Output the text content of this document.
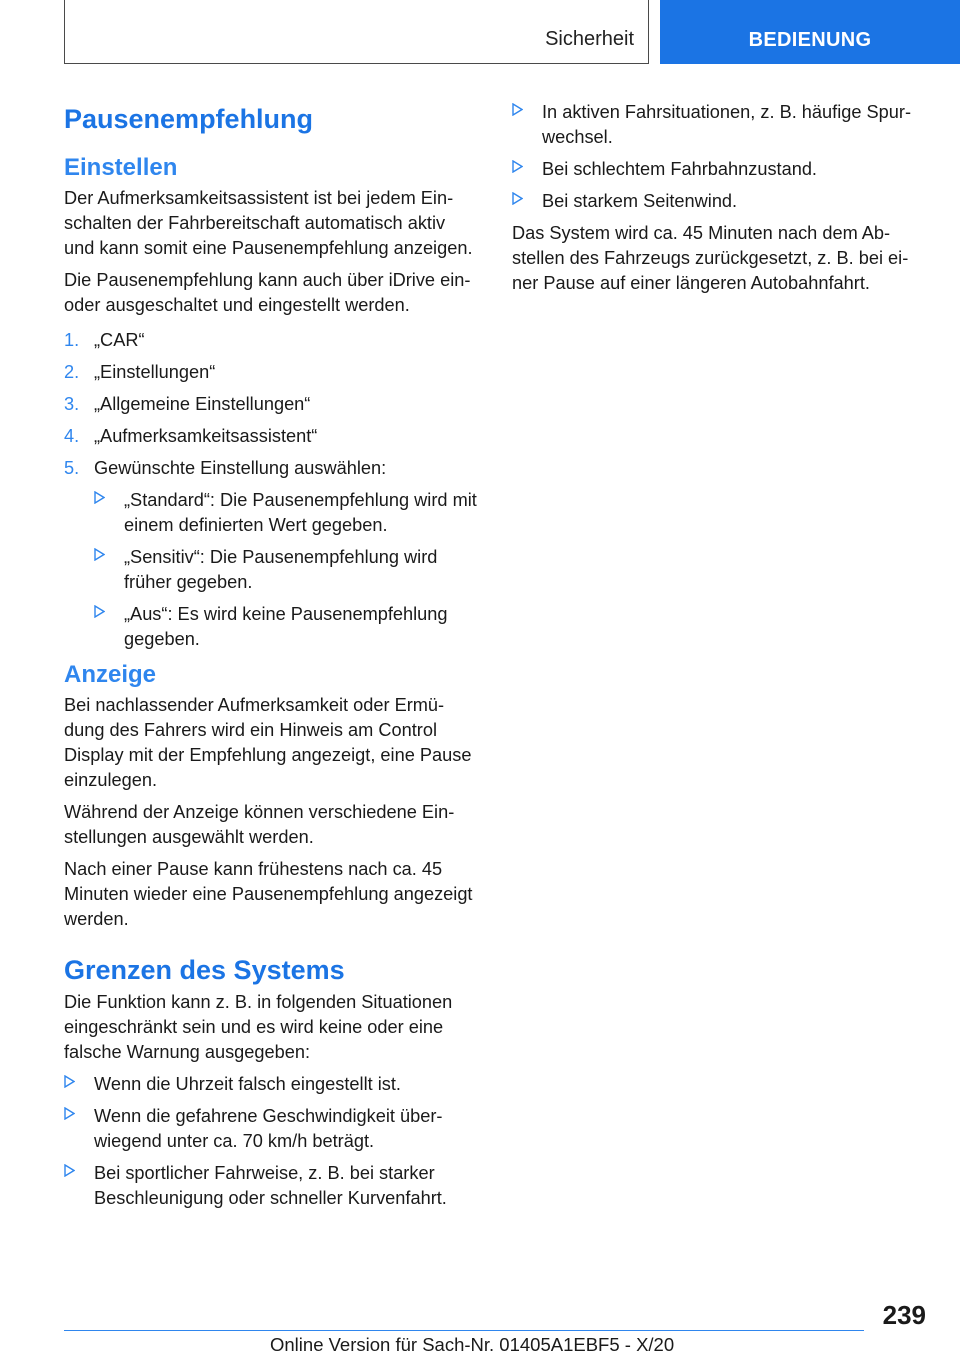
Sicherheit	BEDIENUNG
Pausenempfehlung
Einstellen

Der Aufmerksamkeitsassistent ist bei jedem Einschalten der Fahrbereitschaft automatisch aktiv und kann somit eine Pausenempfehlung anzeigen.

Die Pausenempfehlung kann auch über iDrive ein- oder ausgeschaltet und eingestellt werden.

1. „CAR“
2. „Einstellungen“
3. „Allgemeine Einstellungen“
4. „Aufmerksamkeitsassistent“
5. Gewünschte Einstellung auswählen:
„Standard“: Die Pausenempfehlung wird mit einem definierten Wert gegeben.
„Sensitiv“: Die Pausenempfehlung wird früher gegeben.
„Aus“: Es wird keine Pausenempfehlung gegeben.
Anzeige

Bei nachlassender Aufmerksamkeit oder Ermüdung des Fahrers wird ein Hinweis am Control Display mit der Empfehlung angezeigt, eine Pause einzulegen.

Während der Anzeige können verschiedene Einstellungen ausgewählt werden.

Nach einer Pause kann frühestens nach ca. 45 Minuten wieder eine Pausenempfehlung angezeigt werden.

Grenzen des Systems

Die Funktion kann z. B. in folgenden Situationen eingeschränkt sein und es wird keine oder eine falsche Warnung ausgegeben:

Wenn die Uhrzeit falsch eingestellt ist.
Wenn die gefahrene Geschwindigkeit überwiegend unter ca. 70 km/h beträgt.
Bei sportlicher Fahrweise, z. B. bei starker Beschleunigung oder schneller Kurvenfahrt.
In aktiven Fahrsituationen, z. B. häufige Spurwechsel.
Bei schlechtem Fahrbahnzustand.
Bei starkem Seitenwind.

Das System wird ca. 45 Minuten nach dem Abstellen des Fahrzeugs zurückgesetzt, z. B. bei einer Pause auf einer längeren Autobahnfahrt.

239
Online Version für Sach-Nr. 01405A1EBF5 - X/20
